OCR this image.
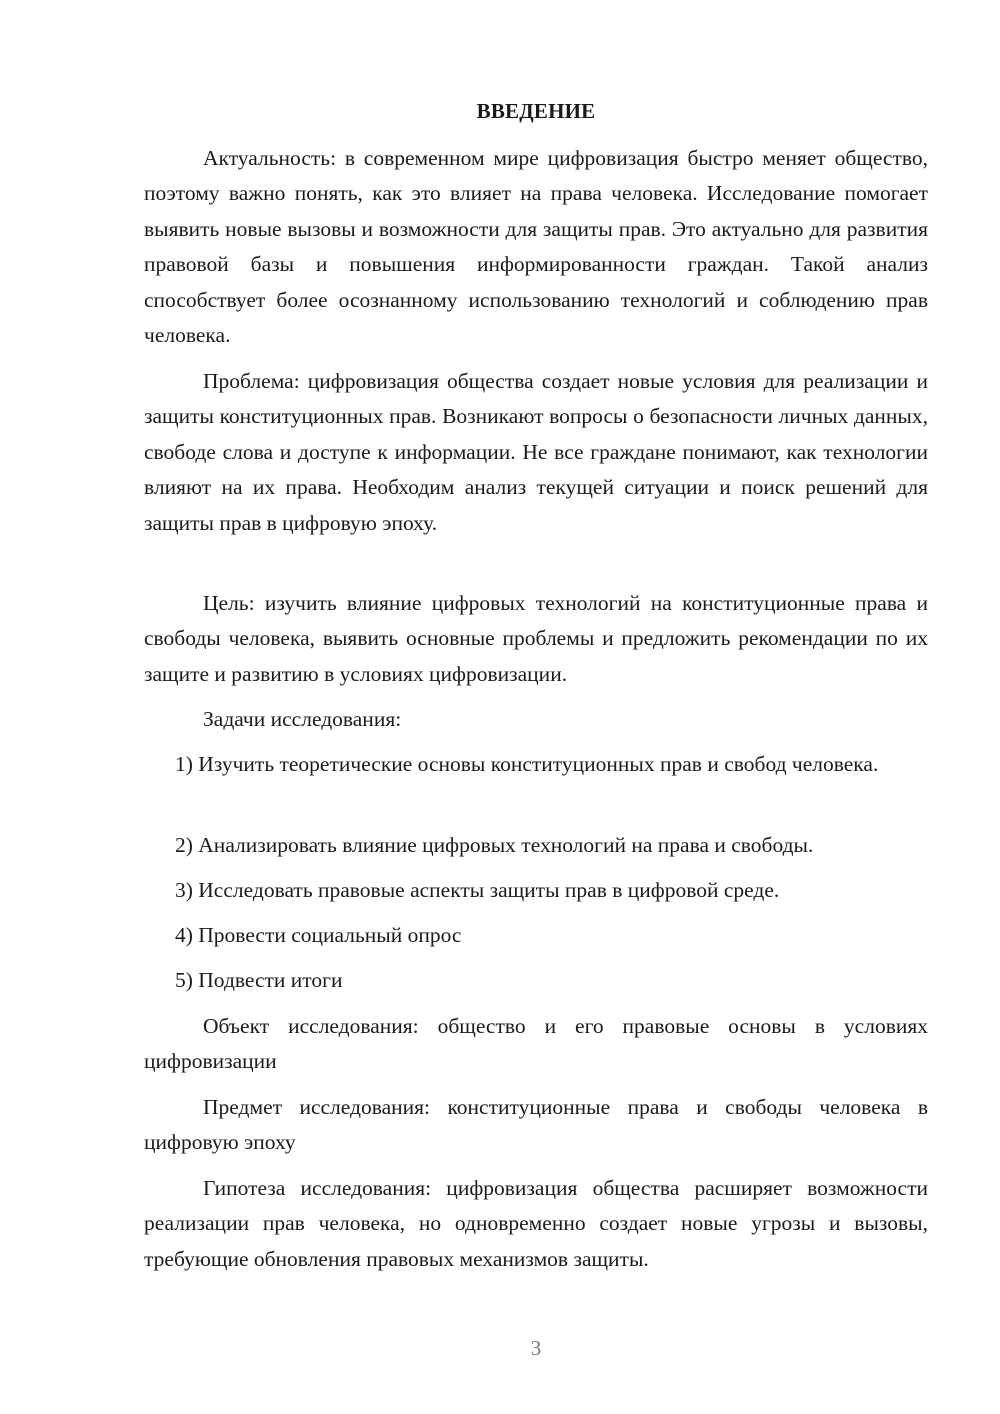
ВВЕДЕНИЕ

Актуальность: в современном мире цифровизация быстро меняет общество, поэтому важно понять, как это влияет на права человека. Исследование помогает выявить новые вызовы и возможности для защиты прав. Это актуально для развития правовой базы и повышения информированности граждан. Такой анализ способствует более осознанному использованию технологий и соблюдению прав человека.

Проблема: цифровизация общества создает новые условия для реализации и защиты конституционных прав. Возникают вопросы о безопасности личных данных, свободе слова и доступе к информации. Не все граждане понимают, как технологии влияют на их права. Необходим анализ текущей ситуации и поиск решений для защиты прав в цифровую эпоху.

Цель: изучить влияние цифровых технологий на конституционные права и свободы человека, выявить основные проблемы и предложить рекомендации по их защите и развитию в условиях цифровизации.

Задачи исследования:

1) Изучить теоретические основы конституционных прав и свобод человека.

2) Анализировать влияние цифровых технологий на права и свободы.
3) Исследовать правовые аспекты защиты прав в цифровой среде.
4) Провести социальный опрос
5) Подвести итоги

Объект исследования: общество и его правовые основы в условиях цифровизации

Предмет исследования: конституционные права и свободы человека в цифровую эпоху

Гипотеза исследования: цифровизация общества расширяет возможности реализации прав человека, но одновременно создает новые угрозы и вызовы, требующие обновления правовых механизмов защиты.

3
